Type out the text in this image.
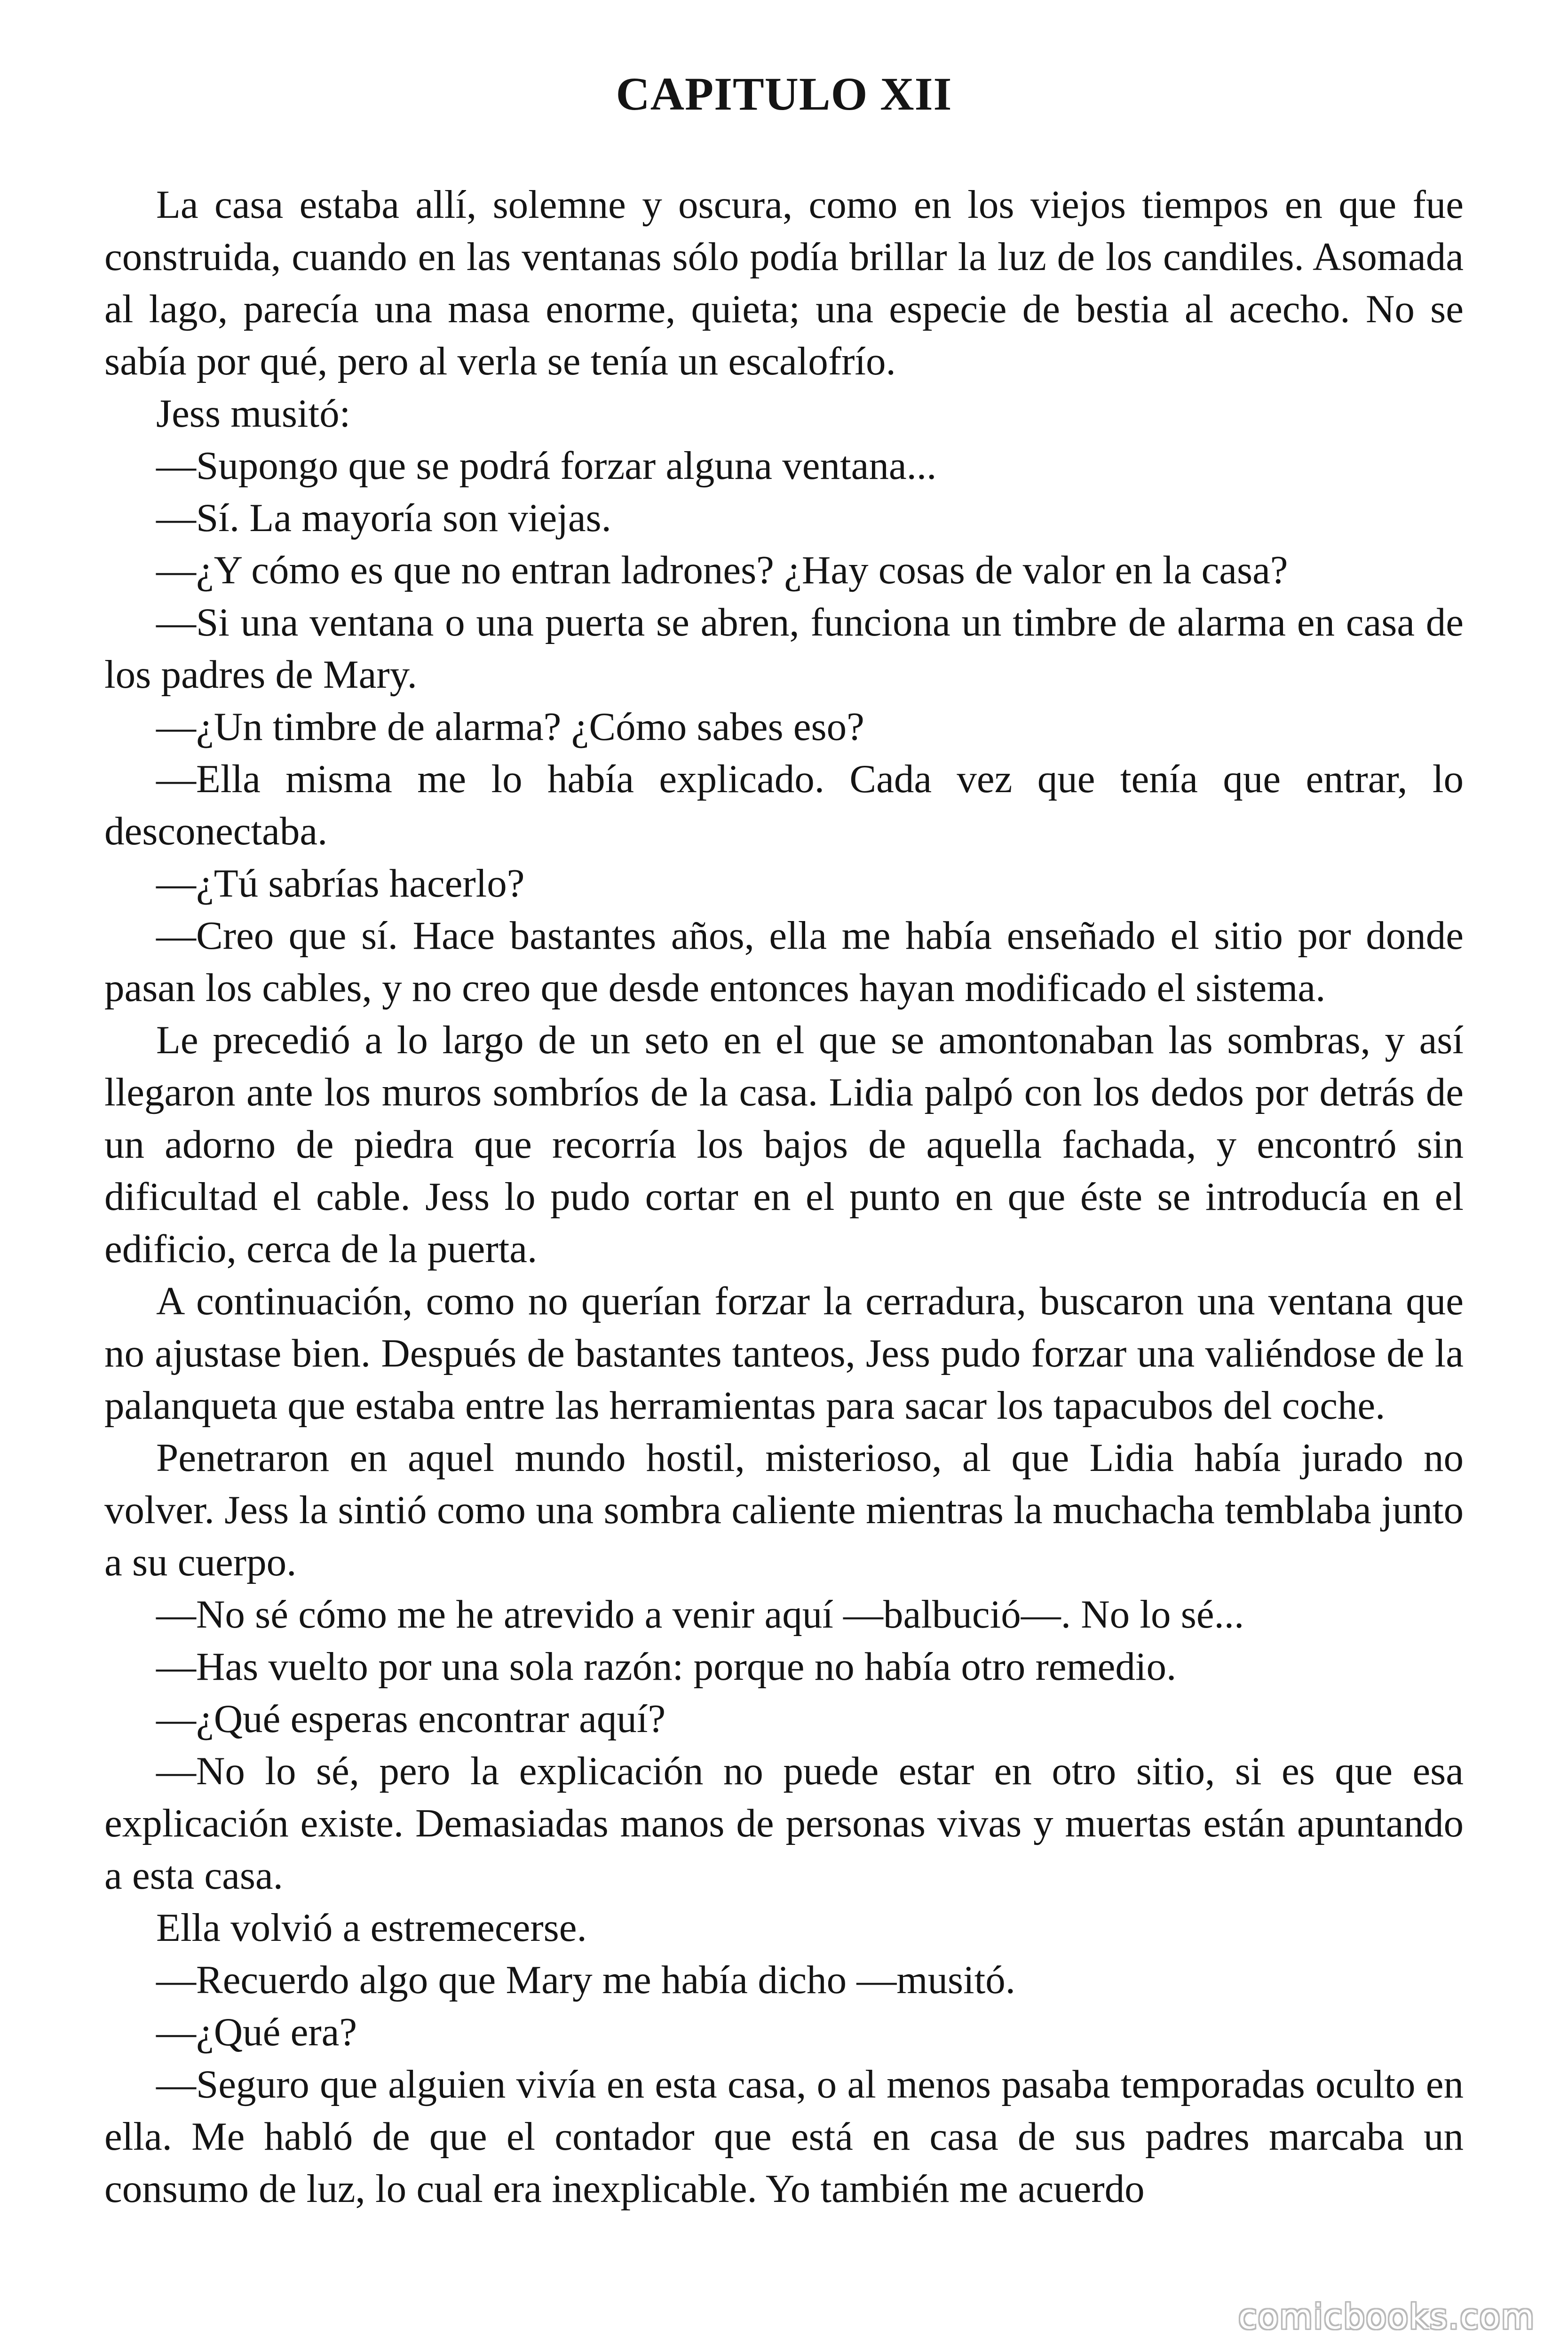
CAPITULO XII

La casa estaba allí, solemne y oscura, como en los viejos tiempos en que fue construida, cuando en las ventanas sólo podía brillar la luz de los candiles. Asomada al lago, parecía una masa enorme, quieta; una especie de bestia al acecho. No se sabía por qué, pero al verla se tenía un escalofrío.

Jess musitó:

—Supongo que se podrá forzar alguna ventana...

—Sí. La mayoría son viejas.

—¿Y cómo es que no entran ladrones? ¿Hay cosas de valor en la casa?

—Si una ventana o una puerta se abren, funciona un timbre de alarma en casa de los padres de Mary.

—¿Un timbre de alarma? ¿Cómo sabes eso?

—Ella misma me lo había explicado. Cada vez que tenía que entrar, lo desconectaba.

—¿Tú sabrías hacerlo?

—Creo que sí. Hace bastantes años, ella me había enseñado el sitio por donde pasan los cables, y no creo que desde entonces hayan modificado el sistema.

Le precedió a lo largo de un seto en el que se amontonaban las sombras, y así llegaron ante los muros sombríos de la casa. Lidia palpó con los dedos por detrás de un adorno de piedra que recorría los bajos de aquella fachada, y encontró sin dificultad el cable. Jess lo pudo cortar en el punto en que éste se introducía en el edificio, cerca de la puerta.

A continuación, como no querían forzar la cerradura, buscaron una ventana que no ajustase bien. Después de bastantes tanteos, Jess pudo forzar una valiéndose de la palanqueta que estaba entre las herramientas para sacar los tapacubos del coche.

Penetraron en aquel mundo hostil, misterioso, al que Lidia había jurado no volver. Jess la sintió como una sombra caliente mientras la muchacha temblaba junto a su cuerpo.

—No sé cómo me he atrevido a venir aquí —balbució—. No lo sé...

—Has vuelto por una sola razón: porque no había otro remedio.

—¿Qué esperas encontrar aquí?

—No lo sé, pero la explicación no puede estar en otro sitio, si es que esa explicación existe. Demasiadas manos de personas vivas y muertas están apuntando a esta casa.

Ella volvió a estremecerse.

—Recuerdo algo que Mary me había dicho —musitó.

—¿Qué era?

—Seguro que alguien vivía en esta casa, o al menos pasaba temporadas oculto en ella. Me habló de que el contador que está en casa de sus padres marcaba un consumo de luz, lo cual era inexplicable. Yo también me acuerdo

comicbooks.com
